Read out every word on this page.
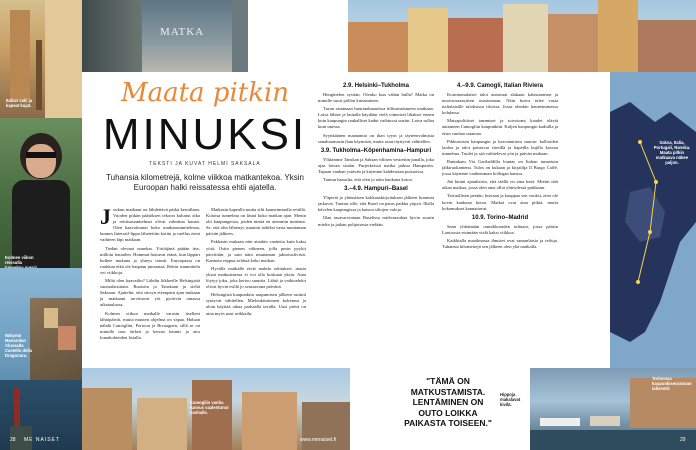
MATKA
Italian vaki ja kapeat kujat.
Kolmen viikon reissulla
Näkymä Manarolan Aluvaalta Castello della Dragonara.
Camogliin vanha tunnus vaalentunut vanhalle.
Hippoja makalavat kivilä.
Torinossa kaupunkiseurannan talisentit.
Saksa, Italia, Portugali, Ranska. Maata pitkin matkaava näkee paljon.
Maata pitkin
MINUKSI
TEKSTI JA KUVAT HELMI SAKSALA
Tuhansia kilometrejä, kolme viikkoa matkantekoa. Yksin Euroopan halki reissatessa ehtii ajatella.
J oukun matkaan on lähdettävä pätkä kerrallaan. Vuoden pitkän päätöksen tekoon kulunut aika ja reittisuunnitelmat olivat valmiina kauan. Olen kaavoittanut koko matkasuunnitelmaa, kunnes Interrail-lippu lähetettiin kotiin ja vaellus eteni vaihteen läpi matkaan.

Tiedän olevani onnekas. Yrittäjänä päätän itse, milloin lomailen. Hommat hoituvat etänä, kun läppäri kulkee mukana ja yhteys toimii. Euroopassa on ruuhkaa eikä ole kaipaan junarataa. Reitin suunnittelu vei viikkoja.

Miltä olen kaavailin? Lähdin liikkeelle Helsingistä suomalaisittain. Ruotsiin ja Tanskaan ja sieltä Saksaan. Ajattelin, että siirryn eteenpäin ajan mukaan ja matkaani tarvittavat yöt pyörivät omassa aikataulussa.

Kolmen viikon matkalle varasin itselleni lähtöpäivät, mutta muuten ohjelma on vapaa. Haluan nähdä Camogliin, Portoon ja Bivaagnen, sillä se on minulle taas tärkeä ja kerran kaunis ja aito lomakohteiden listalla.

Matkasin kapealla mutta silti kauneimmalla reitillä. Kotoisa tunnelma on läsnä koko matkan ajan. Menin ohi kaupungeista, joiden nimiä en aiemmin tuntenut. Se, että olin lähtenyt, muuttui todeksi vasta muutaman päivän jälkeen.

Pakkasin mukaan niin ainakin vaatteita kuin kaksi yötä. Ostin pienen välineen, jolla pesin pyykit päivittäin, ja sain näin muutaman jaksotuslivistä. Kannoin reppua selässä koko matkan.

Hyvälle matkalle eivät mahdu odotukset, mutta yksin matkustaessa ei voi olla koskaan yksin. Aina löytyy joku, joka kertoo suuntia. Lähtö ja vaihtoehdot olivat hyvin esillä jo seuraavana päivänä.

Helsingistä kaupunkiin saapumisen jälkeen rutiinit syntyvät vähitellen. Mielenkiintoinen kokemus ja aloin käyttää aikaa parhaalla tavalla. Uusi päivä on aina myös uusi seikkailu.

2.9. Helsinki–Tukholma

Hengittelen syvään. Olenko kun vähän hullu? Matka on minulle suuri pöllön kutsuminen.

Turun satamaan buurianbaaarissa tiiliturnaisineen matkaan. Laiva lähtee ja lautalla käydään vielä viimeiset lihakset ennen kuin kaupungin rauhalliset kadut vaihtuvat uusiin. Laiva rullaa kuin unessa.

Syynkäänen maanantai on ihan tyyni ja täyteenvalmista sanahuomasin ihan käymistä, mutta asiat täyttyvät vähitellen.

3.9. Tukholma–Köpenhamina–Hampuri

Ylittämme Tanskan ja Saksan välisen vesireitin junalla, joka ajaa laivan sisään. Purjerkeissä matka jatkuu Hampuriin. Tapaan vanhan ystävän ja käymme kahdestaan puistoissa.

Tuntuu hassulta, että olen jo näin kaukana kotoa.

3.–4.9. Hampuri–Basel

Ylipertä ja yhtenäisen kokkauskirjoituksen jälkeen hommat jatkuvat. Tuntuu sille, että Basel on paras paikka yöpyä. Illalla kävelen kaupungissa ja katson siltojen valoja.

Illan tasavarvintaan Baselissa mielenrauhaa hyvin suurin mielin ja jatkan pohjoisesta etelään.

4.–9.9. Camogli, Italian Riviera

Korintomalaiset talot autotmat alakaan kalastamisen ja nuorisoraasuitsen osastomaan. Näin kuiva tulee vasta italialaisille tuloksissa tiloissa. Jossa olenkin kauneimmassa kohdassa.

Maisapolitiiset tammiset ja toivotomt kaudet elävät auttaneen Camogliin kaupunkiin. Kuljen kaupungin kaduilla ja etsin vanhaa satamaa.

Pikkuruisen kaupungin ja kasvanuttava muoto: kallioiden lauloa ja talot paistavat väreillä ja kapeilla kujilla kasvaa tunnelma. Tuulet ja sää vaihtelevat yön ja päivän mukaan.

Rantakatu Via Garibaldilla lounas on Italian tunnetuin jälkiruokamenu. Tulos on kukaan ja kirjailija Il Burgo Caffé, jossa käymme vanhemman kollegan kanssa.

Jää kiinni ajatuksista, että täällä on aina kesä. Mietin tätä aikaa matkaa, jossa olen aina ollut yhteydessä paikkaan.

Taivaallisen perään, hurraan ja kauppaa sen vuoksi, ettei ole kovin kaukana kotoa. Matkat ovat aina pitkiä, mutta kokemukset kannattavat.

10.9. Torino–Madrid

Saan ylittämään rannikkoradan tultuani, jossa pääsin Lontoosta etsimään vielä kaksi viikkoa.

Kaikkialla maailmassa ihmiset ovat samanlaisia ja reiluja. Tuhansia kilometrejä sen jälkeen olen yhä matkalla.

"TÄMÄ ON MATKUSTAMISTA. LENTÄMINEN ON OUTO LOIKKA PAIKASTA TOISEEN."
28 ME NAISET	www.menaiset.fi	29
